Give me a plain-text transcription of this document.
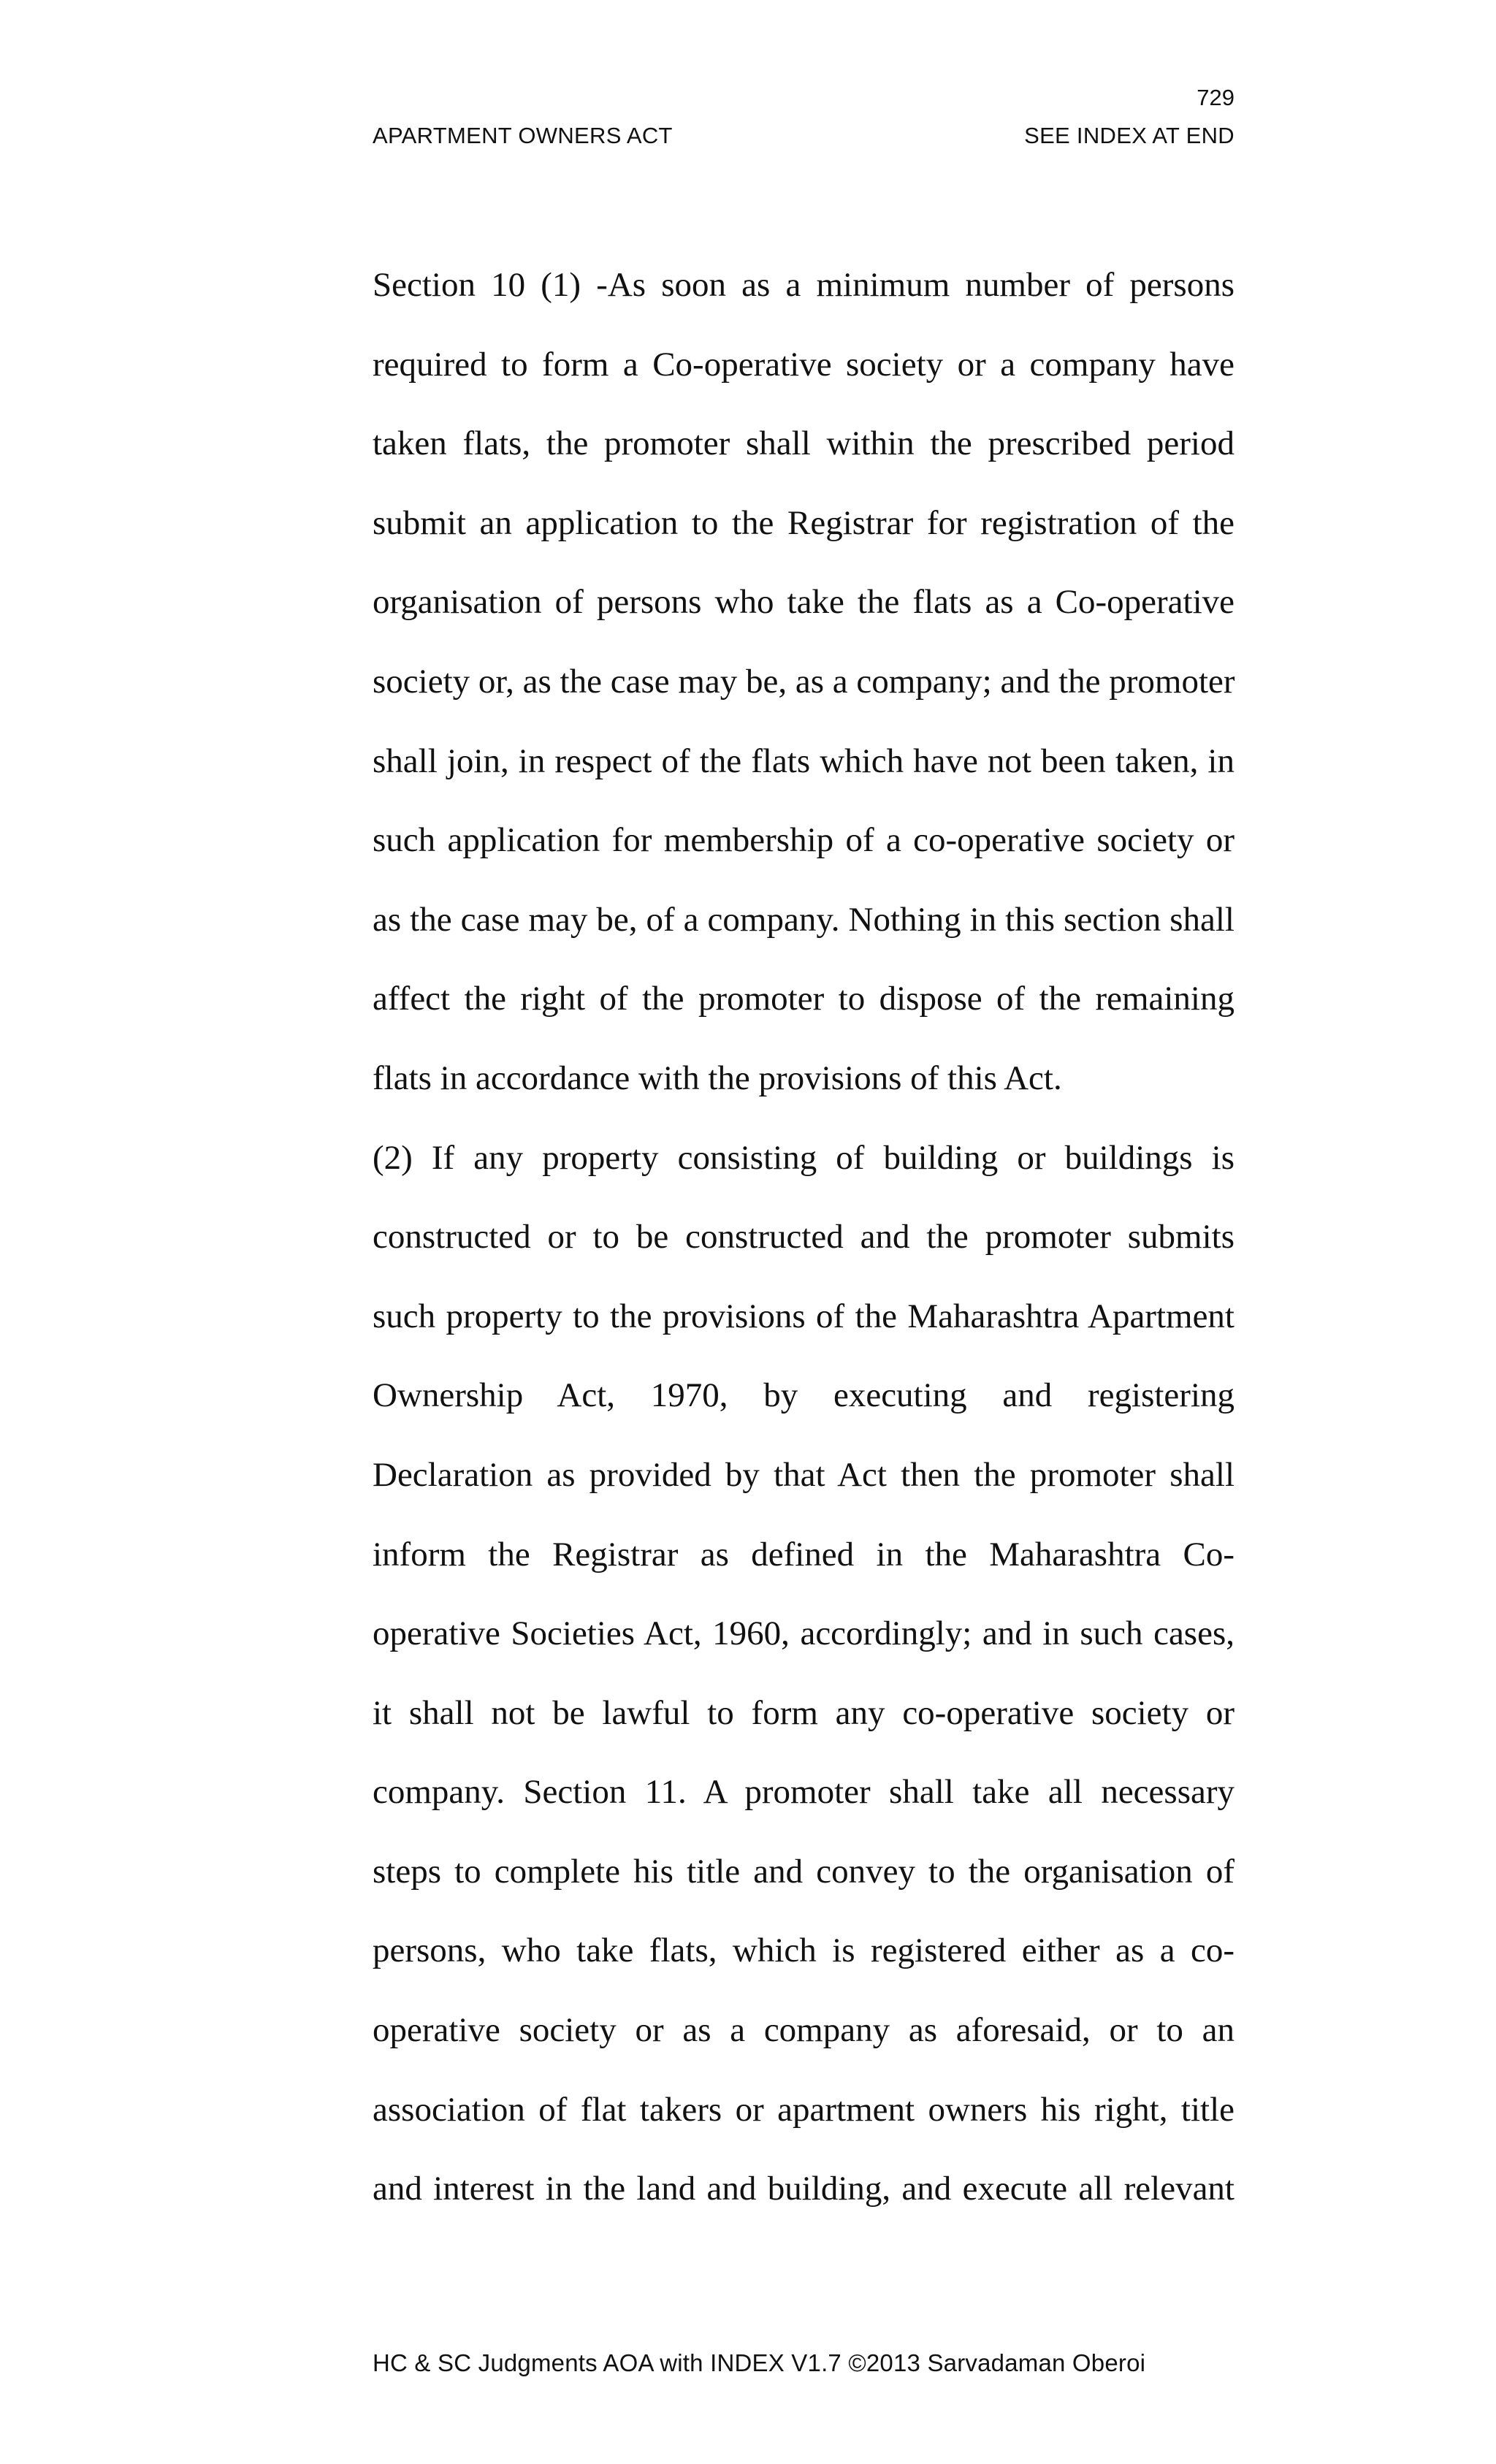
729
APARTMENT OWNERS ACT	SEE INDEX AT END
Section 10 (1) -As soon as a minimum number of persons
required to form a Co-operative society or a company have
taken flats, the promoter shall within the prescribed period
submit an application to the Registrar for registration of the
organisation of persons who take the flats as a Co-operative
society or, as the case may be, as a company; and the promoter
shall join, in respect of the flats which have not been taken, in
such application for membership of a co-operative society or
as the case may be, of a company. Nothing in this section shall
affect the right of the promoter to dispose of the remaining
flats in accordance with the provisions of this Act.
(2) If any property consisting of building or buildings is
constructed or to be constructed and the promoter submits
such property to the provisions of the Maharashtra Apartment
Ownership Act, 1970, by executing and registering
Declaration as provided by that Act then the promoter shall
inform the Registrar as defined in the Maharashtra Co-
operative Societies Act, 1960, accordingly; and in such cases,
it shall not be lawful to form any co-operative society or
company. Section 11. A promoter shall take all necessary
steps to complete his title and convey to the organisation of
persons, who take flats, which is registered either as a co-
operative society or as a company as aforesaid, or to an
association of flat takers or apartment owners his right, title
and interest in the land and building, and execute all relevant
HC & SC Judgments AOA with INDEX V1.7 ©2013 Sarvadaman Oberoi
